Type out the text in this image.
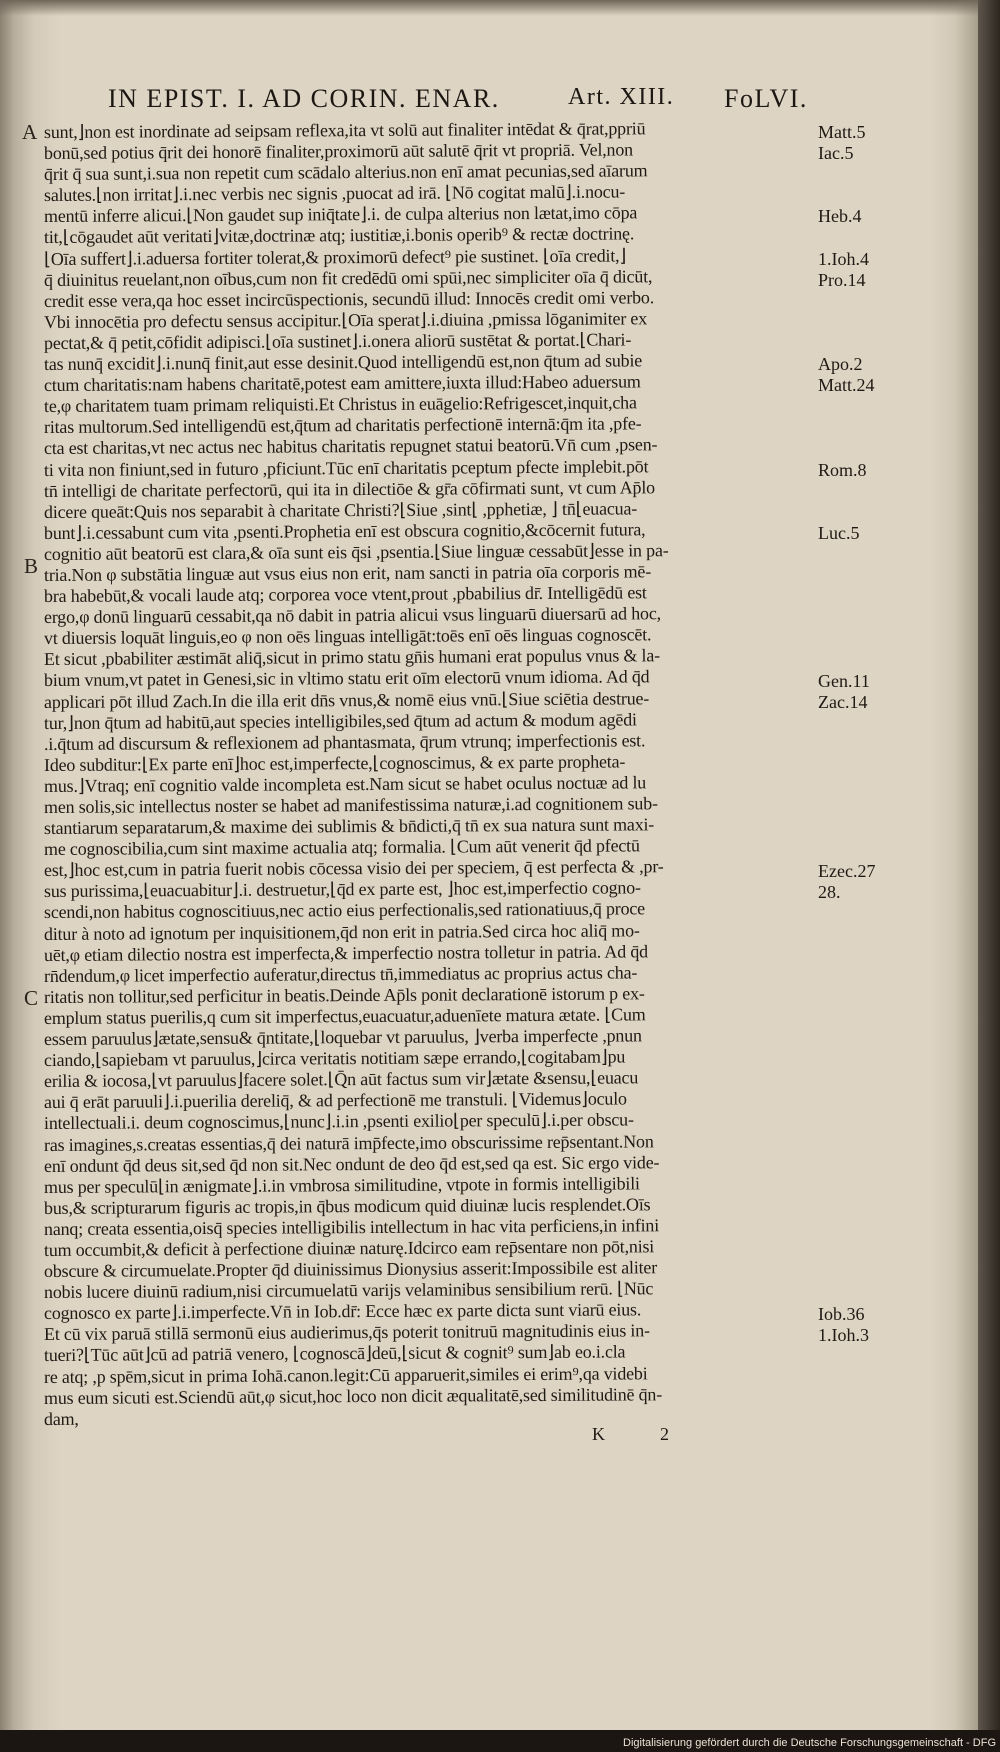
IN EPIST. I. AD CORIN. ENAR.	Art. XIII. FoLVI.
A
B
C
sunt,⌋non est inordinate ad seipsam reflexa,ita vt solū aut finaliter intēdat & q̄rat,ppriū
bonū,sed potius q̄rit dei honorē finaliter,proximorū aūt salutē q̄rit vt propriā. Vel,non
q̄rit q̄ sua sunt,i.sua non repetit cum scādalo alterius.non enī amat pecunias,sed aīarum
salutes.⌊non irritat⌋.i.nec verbis nec signis ,puocat ad irā. ⌊Nō cogitat malū⌋.i.nocu-
mentū inferre alicui.⌊Non gaudet sup iniq̄tate⌋.i. de culpa alterius non lætat,imo cōpa
tit,⌊cōgaudet aūt veritati⌋vitæ,doctrinæ atq; iustitiæ,i.bonis operib⁹ & rectæ doctrinę.
⌊Oīa suffert⌋.i.aduersa fortiter tolerat,& proximorū defect⁹ pie sustinet. ⌊oīa credit,⌋
q̄ diuinitus reuelant,non oībus,cum non fit credēdū omi spūi,nec simpliciter oīa q̄ dicūt,
credit esse vera,qa hoc esset incircūspectionis, secundū illud: Innocēs credit omi verbo.
Vbi innocētia pro defectu sensus accipitur.⌊Oīa sperat⌋.i.diuina ,pmissa lōganimiter ex
pectat,& q̄ petit,cōfidit adipisci.⌊oīa sustinet⌋.i.onera aliorū sustētat & portat.⌊Chari-
tas nunq̄ excidit⌋.i.nunq̄ finit,aut esse desinit.Quod intelligendū est,non q̄tum ad subie
ctum charitatis:nam habens charitatē,potest eam amittere,iuxta illud:Habeo aduersum
te,φ charitatem tuam primam reliquisti.Et Christus in euāgelio:Refrigescet,inquit,cha
ritas multorum.Sed intelligendū est,q̄tum ad charitatis perfectionē internā:q̄m ita ,pfe-
cta est charitas,vt nec actus nec habitus charitatis repugnet statui beatorū.Vn̄ cum ,psen-
ti vita non finiunt,sed in futuro ,pficiunt.Tūc enī charitatis pceptum pfecte implebit.pōt
tn̄ intelligi de charitate perfectorū, qui ita in dilectiōe & gr̄a cōfirmati sunt, vt cum Ap̄lo
dicere queāt:Quis nos separabit à charitate Christi?⌊Siue ,sint⌊ ,pphetiæ, ⌋ tn̄⌊euacua-
bunt⌋.i.cessabunt cum vita ,psenti.Prophetia enī est obscura cognitio,&cōcernit futura,
cognitio aūt beatorū est clara,& oīa sunt eis q̄si ,psentia.⌊Siue linguæ cessabūt⌋esse in pa-
tria.Non φ substātia linguæ aut vsus eius non erit, nam sancti in patria oīa corporis mē-
bra habebūt,& vocali laude atq; corporea voce vtent,prout ,pbabilius dr̄. Intelligēdū est
ergo,φ donū linguarū cessabit,qa nō dabit in patria alicui vsus linguarū diuersarū ad hoc,
vt diuersis loquāt linguis,eo φ non oēs linguas intelligāt:toēs enī oēs linguas cognoscēt.
Et sicut ,pbabiliter æstimāt aliq̄,sicut in primo statu gn̄is humani erat populus vnus & la-
bium vnum,vt patet in Genesi,sic in vltimo statu erit oīm electorū vnum idioma. Ad q̄d
applicari pōt illud Zach.In die illa erit dn̄s vnus,& nomē eius vnū.⌊Siue sciētia destrue-
tur,⌋non q̄tum ad habitū,aut species intelligibiles,sed q̄tum ad actum & modum agēdi
.i.q̄tum ad discursum & reflexionem ad phantasmata, q̄rum vtrunq; imperfectionis est.
Ideo subditur:⌊Ex parte enī⌋hoc est,imperfecte,⌊cognoscimus, & ex parte propheta-
mus.⌋Vtraq; enī cognitio valde incompleta est.Nam sicut se habet oculus noctuæ ad lu
men solis,sic intellectus noster se habet ad manifestissima naturæ,i.ad cognitionem sub-
stantiarum separatarum,& maxime dei sublimis & bn̄dicti,q̄ tn̄ ex sua natura sunt maxi-
me cognoscibilia,cum sint maxime actualia atq; formalia. ⌊Cum aūt venerit q̄d pfectū
est,⌋hoc est,cum in patria fuerit nobis cōcessa visio dei per speciem, q̄ est perfecta & ,pr-
sus purissima,⌊euacuabitur⌋.i. destruetur,⌊q̄d ex parte est, ⌋hoc est,imperfectio cogno-
scendi,non habitus cognoscitiuus,nec actio eius perfectionalis,sed rationatiuus,q̄ proce
ditur à noto ad ignotum per inquisitionem,q̄d non erit in patria.Sed circa hoc aliq̄ mo-
uēt,φ etiam dilectio nostra est imperfecta,& imperfectio nostra tolletur in patria. Ad q̄d
rn̄dendum,φ licet imperfectio auferatur,directus tn̄,immediatus ac proprius actus cha-
ritatis non tollitur,sed perficitur in beatis.Deinde Ap̄ls ponit declarationē istorum p ex-
emplum status puerilis,q cum sit imperfectus,euacuatur,aduenīete matura ætate. ⌊Cum
essem paruulus⌋ætate,sensu& q̄ntitate,⌊loquebar vt paruulus, ⌋verba imperfecte ,pnun
ciando,⌊sapiebam vt paruulus,⌋circa veritatis notitiam sæpe errando,⌊cogitabam⌋pu
erilia & iocosa,⌊vt paruulus⌋facere solet.⌊Q̄n aūt factus sum vir⌋ætate &sensu,⌊euacu
aui q̄ erāt paruuli⌋.i.puerilia dereliq̄, & ad perfectionē me transtuli. ⌊Videmus⌋oculo
intellectuali.i. deum cognoscimus,⌊nunc⌋.i.in ,psenti exilio⌊per speculū⌋.i.per obscu-
ras imagines,s.creatas essentias,q̄ dei naturā imp̄fecte,imo obscurissime rep̄sentant.Non
enī ondunt q̄d deus sit,sed q̄d non sit.Nec ondunt de deo q̄d est,sed qa est. Sic ergo vide-
mus per speculū⌊in ænigmate⌋.i.in vmbrosa similitudine, vtpote in formis intelligibili
bus,& scripturarum figuris ac tropis,in q̄bus modicum quid diuinæ lucis resplendet.Oīs
nanq; creata essentia,oisq̄ species intelligibilis intellectum in hac vita perficiens,in infini
tum occumbit,& deficit à perfectione diuinæ naturę.Idcirco eam rep̄sentare non pōt,nisi
obscure & circumuelate.Propter q̄d diuinissimus Dionysius asserit:Impossibile est aliter
nobis lucere diuinū radium,nisi circumuelatū varijs velaminibus sensibilium rerū. ⌊Nūc
cognosco ex parte⌋.i.imperfecte.Vn̄ in Iob.dr̄: Ecce hæc ex parte dicta sunt viarū eius.
Et cū vix paruā stillā sermonū eius audierimus,q̄s poterit tonitruū magnitudinis eius in-
tueri?⌊Tūc aūt⌋cū ad patriā venero, ⌊cognoscā⌋deū,⌊sicut & cognit⁹ sum⌋ab eo.i.cla
re atq; ,p spēm,sicut in prima Iohā.canon.legit:Cū apparuerit,similes ei erim⁹,qa videbi
mus eum sicuti est.Sciendū aūt,φ sicut,hoc loco non dicit æqualitatē,sed similitudinē q̄n-
dam,
Matt.5
Iac.5
Heb.4
1.Ioh.4
Pro.14
Apo.2
Matt.24
Rom.8
Luc.5
Gen.11
Zac.14
Ezec.27
28.
Iob.36
1.Ioh.3
K	2
Digitalisierung gefördert durch die Deutsche Forschungsgemeinschaft - DFG
